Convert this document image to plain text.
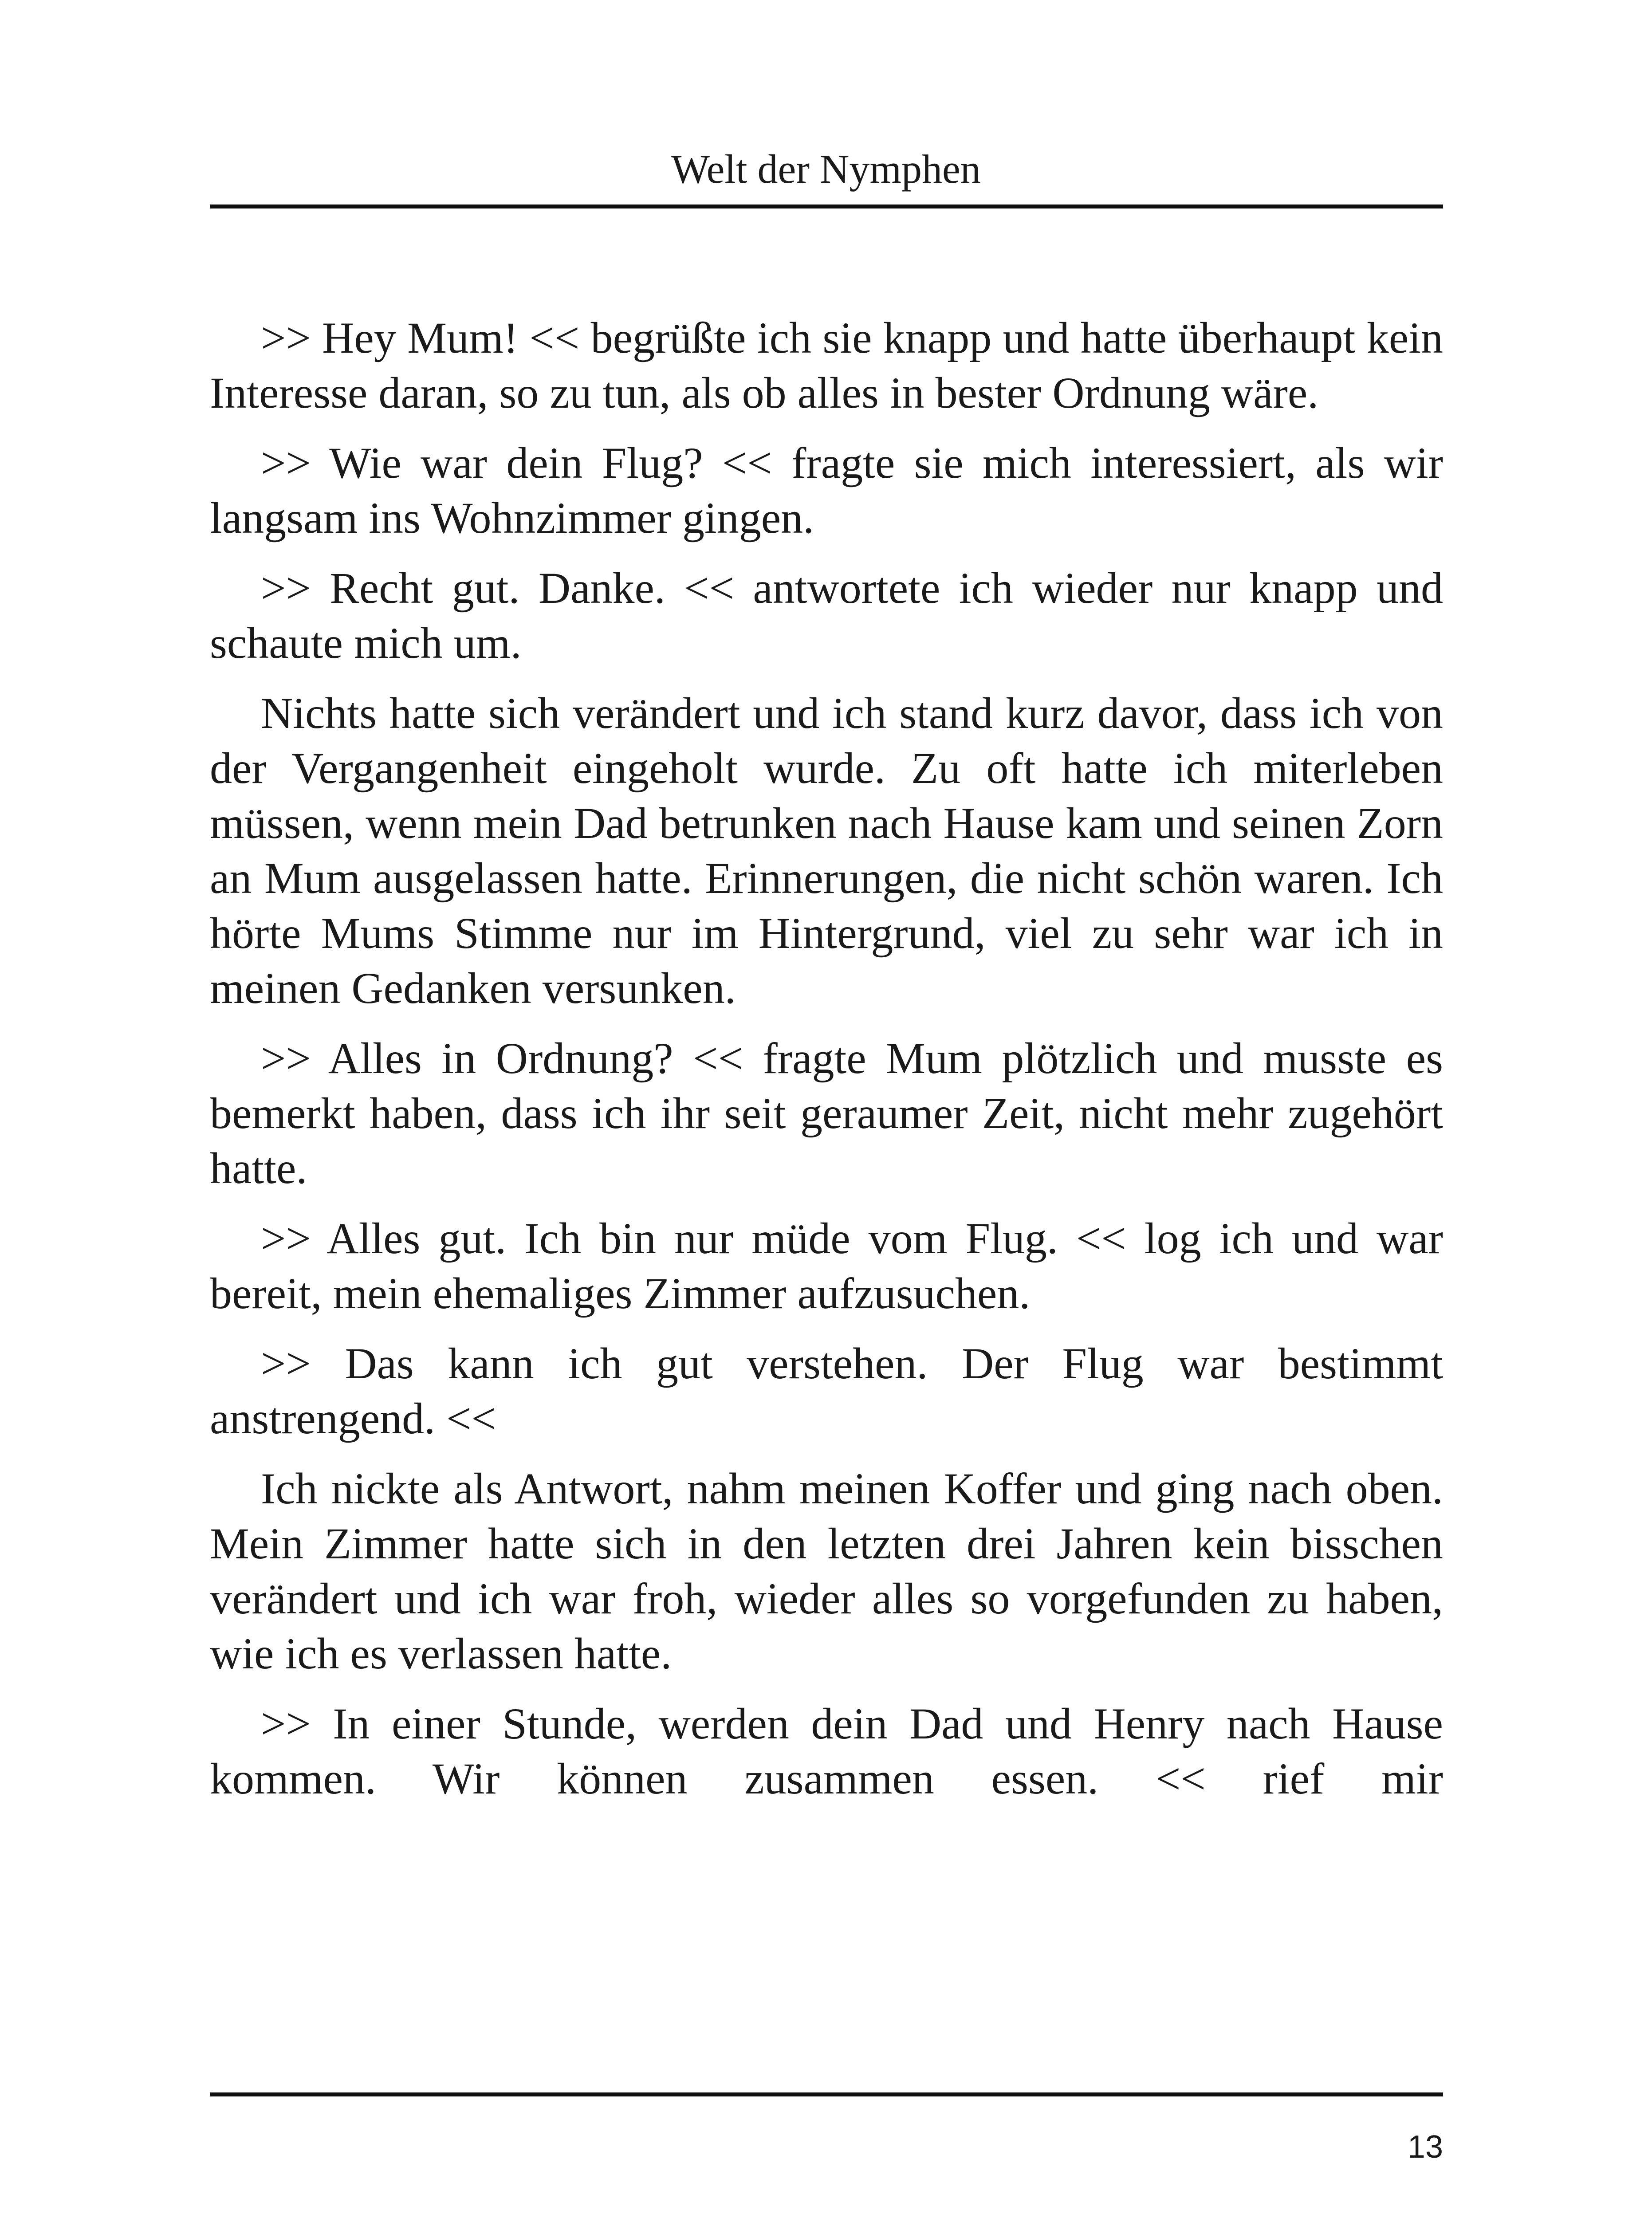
Welt der Nymphen

>> Hey Mum! << begrüßte ich sie knapp und hatte überhaupt kein Interesse daran, so zu tun, als ob alles in bester Ordnung wäre.

>> Wie war dein Flug? << fragte sie mich interessiert, als wir langsam ins Wohnzimmer gingen.

>> Recht gut. Danke. << antwortete ich wieder nur knapp und schaute mich um.

Nichts hatte sich verändert und ich stand kurz davor, dass ich von der Vergangenheit eingeholt wurde. Zu oft hatte ich miterleben müssen, wenn mein Dad betrunken nach Hause kam und seinen Zorn an Mum ausgelassen hatte. Erinnerungen, die nicht schön waren. Ich hörte Mums Stimme nur im Hintergrund, viel zu sehr war ich in meinen Gedanken versunken.

>> Alles in Ordnung? << fragte Mum plötzlich und musste es bemerkt haben, dass ich ihr seit geraumer Zeit, nicht mehr zugehört hatte.

>> Alles gut. Ich bin nur müde vom Flug. << log ich und war bereit, mein ehemaliges Zimmer aufzusuchen.

>> Das kann ich gut verstehen. Der Flug war bestimmt anstrengend. <<

Ich nickte als Antwort, nahm meinen Koffer und ging nach oben. Mein Zimmer hatte sich in den letzten drei Jahren kein bisschen verändert und ich war froh, wieder alles so vorgefunden zu haben, wie ich es verlassen hatte.

>> In einer Stunde, werden dein Dad und Henry nach Hause kommen. Wir können zusammen essen. << rief mir

13
